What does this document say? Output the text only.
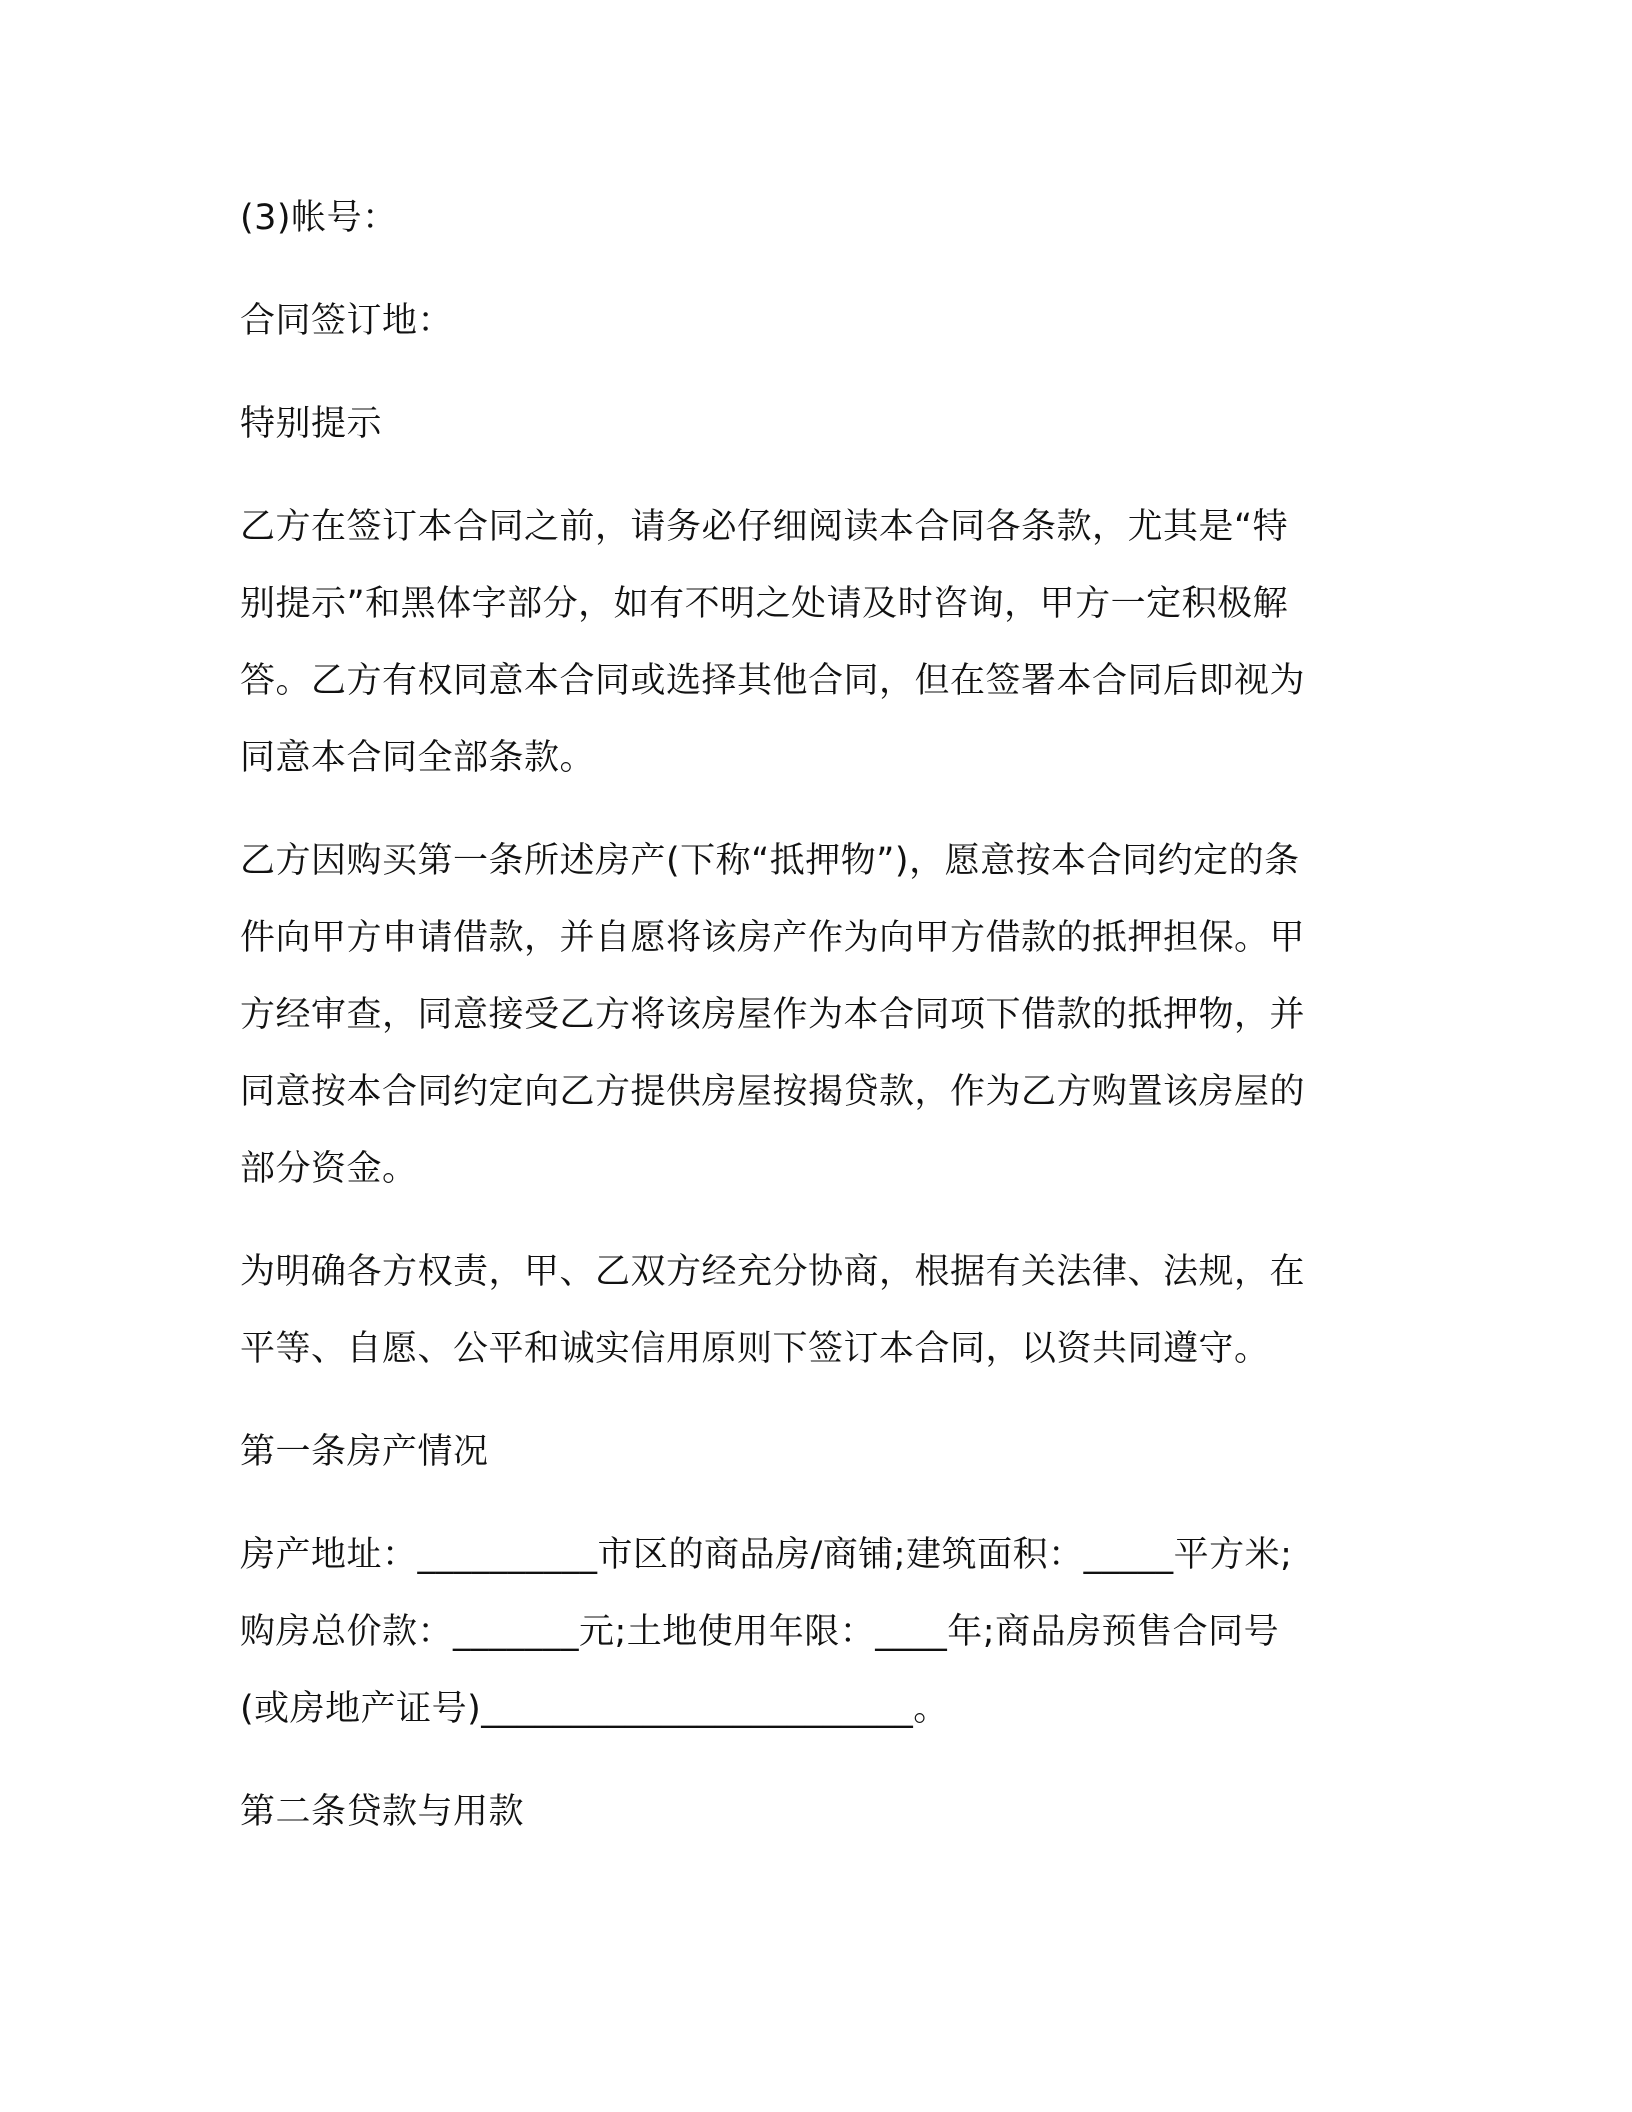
(3)帐号：
合同签订地：
特别提示
乙方在签订本合同之前，请务必仔细阅读本合同各条款，尤其是“特
别提示”和黑体字部分，如有不明之处请及时咨询，甲方一定积极解
答。乙方有权同意本合同或选择其他合同，但在签署本合同后即视为
同意本合同全部条款。
乙方因购买第一条所述房产(下称“抵押物”)，愿意按本合同约定的条
件向甲方申请借款，并自愿将该房产作为向甲方借款的抵押担保。甲
方经审查，同意接受乙方将该房屋作为本合同项下借款的抵押物，并
同意按本合同约定向乙方提供房屋按揭贷款，作为乙方购置该房屋的
部分资金。
为明确各方权责，甲、乙双方经充分协商，根据有关法律、法规，在
平等、自愿、公平和诚实信用原则下签订本合同，以资共同遵守。
第一条房产情况
房产地址：__________市区的商品房/商铺;建筑面积：_____平方米;
购房总价款：_______元;土地使用年限：____年;商品房预售合同号
(或房地产证号)________________________。
第二条贷款与用款
